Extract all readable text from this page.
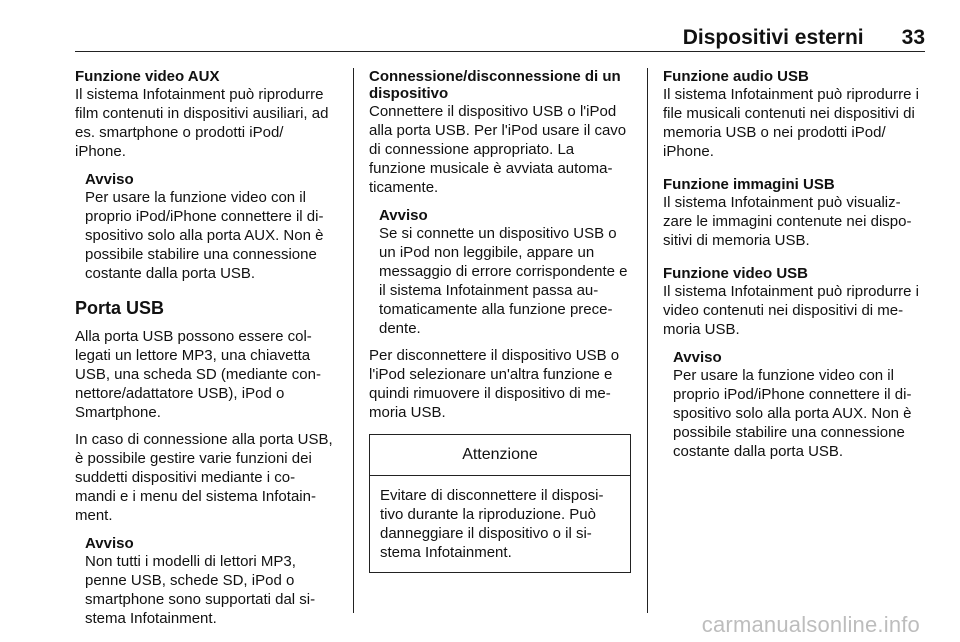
Dispositivi esterni 33

Funzione video AUX

Il sistema Infotainment può riprodurre film contenuti in dispositivi ausiliari, ad es. smartphone o prodotti iPod/ iPhone.

Avviso

Per usare la funzione video con il proprio iPod/iPhone connettere il di- spositivo solo alla porta AUX. Non è possibile stabilire una connessione costante dalla porta USB.

Porta USB

Alla porta USB possono essere col- legati un lettore MP3, una chiavetta USB, una scheda SD (mediante con- nettore/adattatore USB), iPod o Smartphone.

In caso di connessione alla porta USB, è possibile gestire varie funzioni dei suddetti dispositivi mediante i co- mandi e i menu del sistema Infotain- ment.

Avviso

Non tutti i modelli di lettori MP3, penne USB, schede SD, iPod o smartphone sono supportati dal si- stema Infotainment.

Connessione/disconnessione di un dispositivo

Connettere il dispositivo USB o l'iPod alla porta USB. Per l'iPod usare il cavo di connessione appropriato. La funzione musicale è avviata automa- ticamente.

Avviso

Se si connette un dispositivo USB o un iPod non leggibile, appare un messaggio di errore corrispondente e il sistema Infotainment passa au- tomaticamente alla funzione prece- dente.

Per disconnettere il dispositivo USB o l'iPod selezionare un'altra funzione e quindi rimuovere il dispositivo di me- moria USB.

Attenzione

Evitare di disconnettere il disposi- tivo durante la riproduzione. Può danneggiare il dispositivo o il si- stema Infotainment.

Funzione audio USB

Il sistema Infotainment può riprodurre i file musicali contenuti nei dispositivi di memoria USB o nei prodotti iPod/ iPhone.

Funzione immagini USB

Il sistema Infotainment può visualiz- zare le immagini contenute nei dispo- sitivi di memoria USB.

Funzione video USB

Il sistema Infotainment può riprodurre i video contenuti nei dispositivi di me- moria USB.

Avviso

Per usare la funzione video con il proprio iPod/iPhone connettere il di- spositivo solo alla porta AUX. Non è possibile stabilire una connessione costante dalla porta USB.

carmanualsonline.info
